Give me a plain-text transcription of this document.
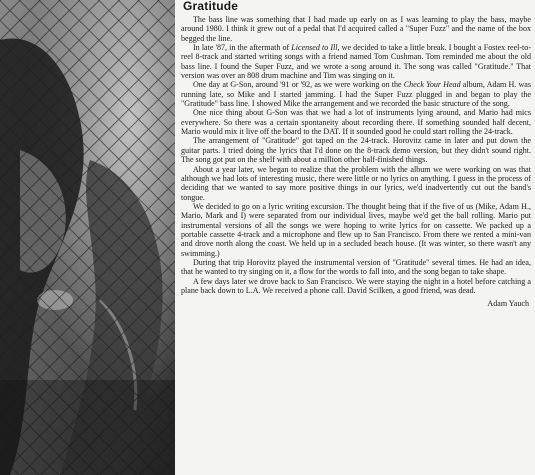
Gratitude

The bass line was something that I had made up early on as I was learning to play the bass, maybe around 1980. I think it grew out of a pedal that I'd acquired called a "Super Fuzz" and the name of the box begged the line.

In late '87, in the aftermath of Licensed to Ill, we decided to take a little break. I bought a Fostex reel-to-reel 8-track and started writing songs with a friend named Tom Cushman. Tom reminded me about the old bass line. I found the Super Fuzz, and we wrote a song around it. The song was called "Gratitude." That version was over an 808 drum machine and Tim was singing on it.

One day at G-Son, around '91 or '92, as we were working on the Check Your Head album, Adam H. was running late, so Mike and I started jamming. I had the Super Fuzz plugged in and began to play the "Gratitude" bass line. I showed Mike the arrangement and we recorded the basic structure of the song.

One nice thing about G-Son was that we had a lot of instruments lying around, and Mario had mics everywhere. So there was a certain spontaneity about recording there. If something sounded half decent, Mario would mix it live off the board to the DAT. If it sounded good he could start rolling the 24-track.

The arrangement of "Gratitude" got taped on the 24-track. Horovitz came in later and put down the guitar parts. I tried doing the lyrics that I'd done on the 8-track demo version, but they didn't sound right. The song got put on the shelf with about a million other half-finished things.

About a year later, we began to realize that the problem with the album we were working on was that although we had lots of interesting music, there were little or no lyrics on anything. I guess in the process of deciding that we wanted to say more positive things in our lyrics, we'd inadvertently cut out the band's tongue.

We decided to go on a lyric writing excursion. The thought being that if the five of us (Mike, Adam H., Mario, Mark and I) were separated from our individual lives, maybe we'd get the ball rolling. Mario put instrumental versions of all the songs we were hoping to write lyrics for on cassette. We packed up a portable cassette 4-track and a microphone and flew up to San Francisco. From there we rented a mini-van and drove north along the coast. We held up in a secluded beach house. (It was winter, so there wasn't any swimming.)

During that trip Horovitz played the instrumental version of "Gratitude" several times. He had an idea, that he wanted to try singing on it, a flow for the words to fall into, and the song began to take shape.

A few days later we drove back to San Francisco. We were staying the night in a hotel before catching a plane back down to L.A. We received a phone call. David Scilken, a good friend, was dead.

Adam Yauch
